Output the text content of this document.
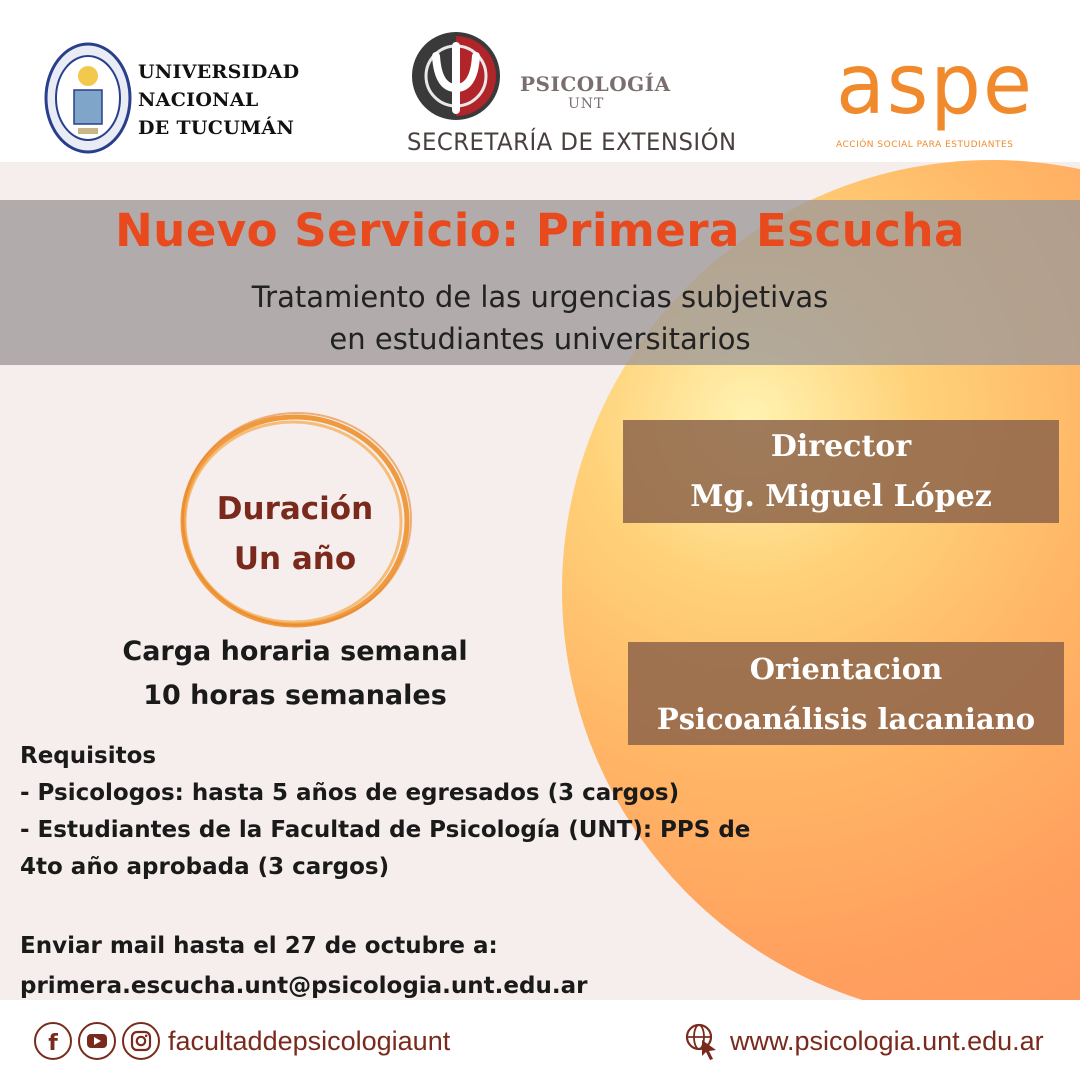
UNIVERSIDAD
NACIONAL
DE TUCUMÁN
PSICOLOGÍA
UNT
SECRETARÍA DE EXTENSIÓN
aspe
ACCIÓN SOCIAL PARA ESTUDIANTES
Nuevo Servicio: Primera Escucha
Tratamiento de las urgencias subjetivas
en estudiantes universitarios
Duración
Un año
Carga horaria semanal
10 horas semanales
Director
Mg. Miguel López
Orientacion
Psicoanálisis lacaniano
Requisitos
- Psicologos: hasta 5 años de egresados (3 cargos)
- Estudiantes de la Facultad de Psicología (UNT): PPS de
4to año aprobada (3 cargos)
Enviar mail hasta el 27 de octubre a:
primera.escucha.unt@psicologia.unt.edu.ar
f	facultaddepsicologiaunt	www.psicologia.unt.edu.ar
